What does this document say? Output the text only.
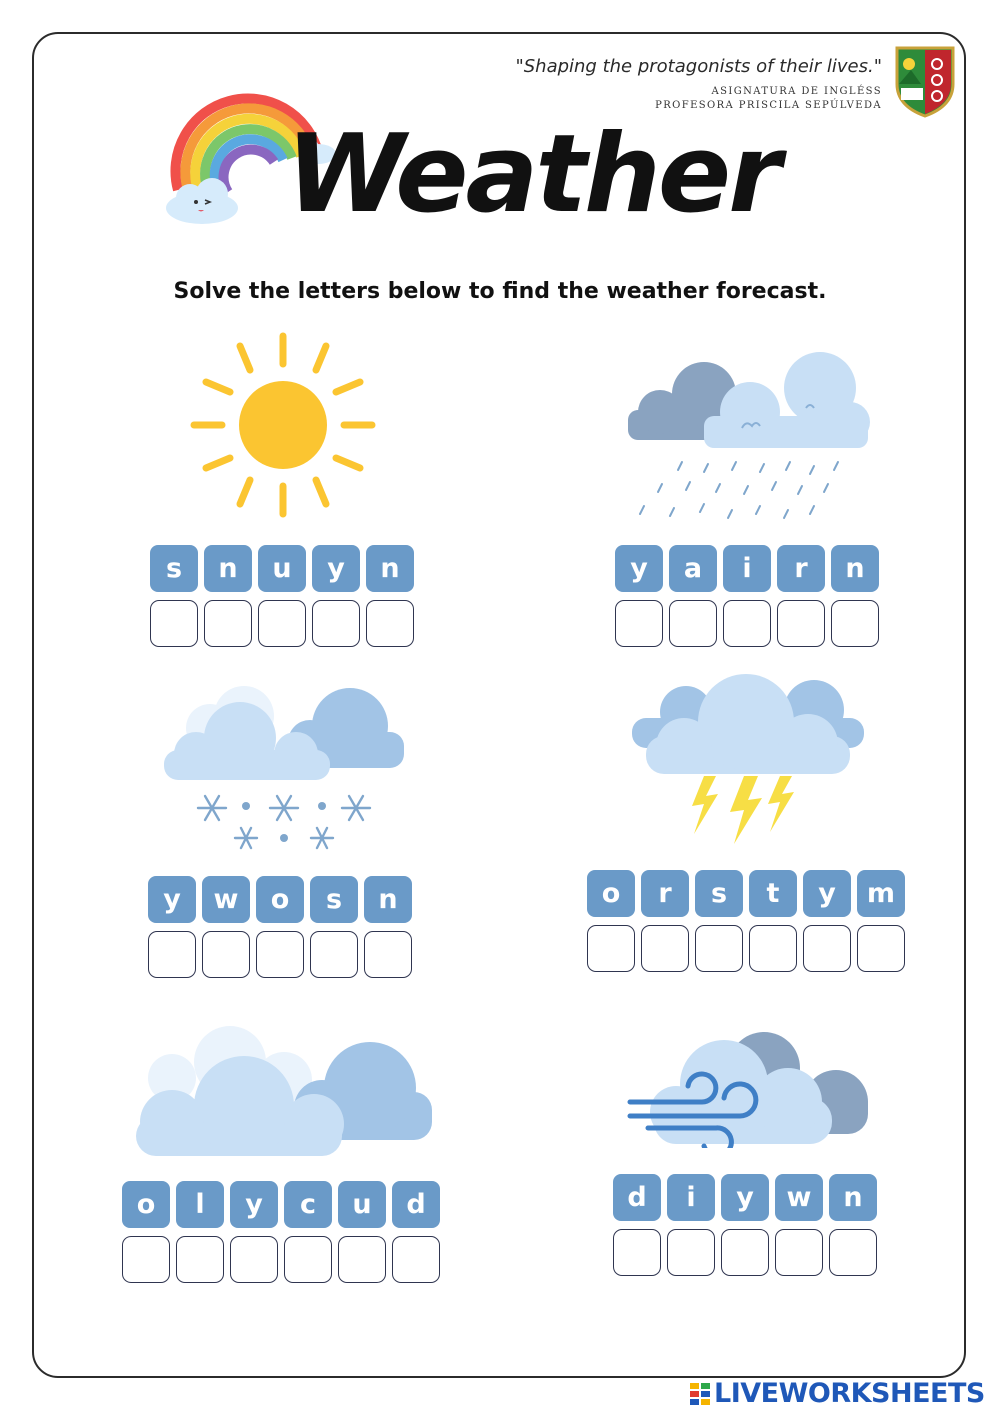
"Shaping the protagonists of their lives."
ASIGNATURA DE INGLÉSS
PROFESORA PRISCILA SEPÚLVEDA
Weather
Solve the letters below to find the weather forecast.
s	n	u	y	n	y	a	i	r	n
y	w	o	s	n	o	r	s	t	y	m
o	l	y	c	u	d	d	i	y	w	n
LIVEWORKSHEETS
